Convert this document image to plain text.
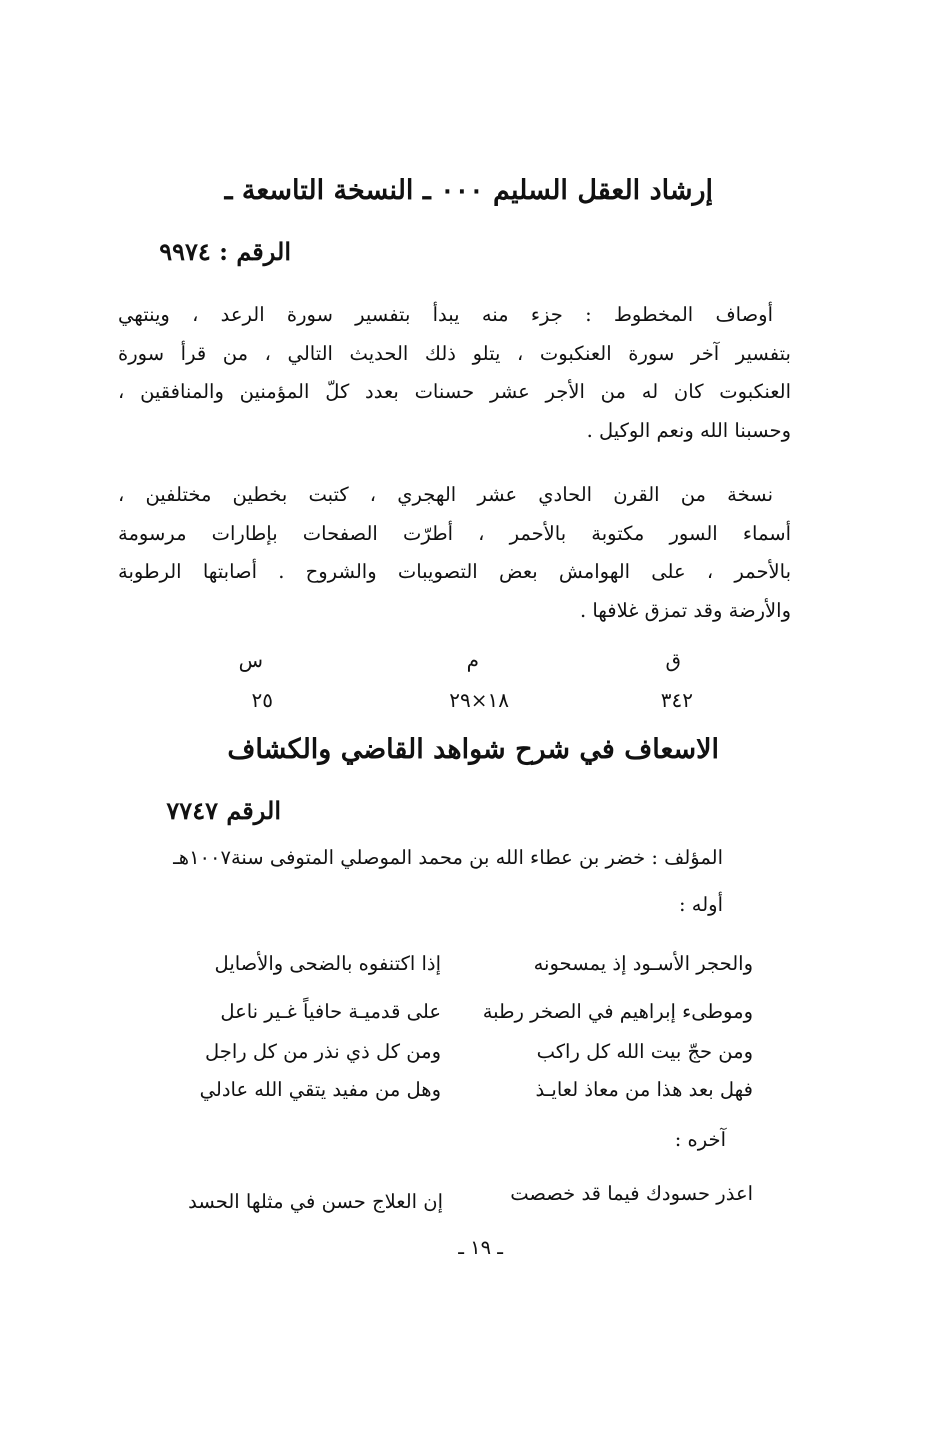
إرشاد العقل السليم ٠٠٠ ـ النسخة التاسعة ـ
الرقم : ٩٩٧٤
أوصاف المخطوط : جزء منه يبدأ بتفسير سورة الرعد ، وينتهي
بتفسير آخر سورة العنكبوت ، يتلو ذلك الحديث التالي ، من قرأ سورة
العنكبوت كان له من الأجر عشر حسنات بعدد كلّ المؤمنين والمنافقين ،
وحسبنا الله ونعم الوكيل .
نسخة من القرن الحادي عشر الهجري ، كتبت بخطين مختلفين ،
أسماء السور مكتوبة بالأحمر ، أطرّت الصفحات بإطارات مرسومة
بالأحمر ، على الهوامش بعض التصويبات والشروح . أصابتها الرطوبة
والأرضة وقد تمزق غلافها .
ق
م
س
٣٤٢
١٨×٢٩
٢٥
الاسعاف في شرح شواهد القاضي والكشاف
الرقم ٧٧٤٧
المؤلف : خضر بن عطاء الله بن محمد الموصلي المتوفى سنة١٠٠٧هـ
أوله :
والحجر الأسـود إذ يمسحونه
إذا اكتنفوه بالضحى والأصايل
وموطىء إبراهيم في الصخر رطبة
على قدميـة حافياً غـير ناعل
ومن حجّ بيت الله كل راكب
ومن كل ذي نذر من كل راجل
فهل بعد هذا من معاذ لعايـذ
وهل من مفيد يتقي الله عادلي
آخره :
اعذر حسودك فيما قد خصصت
إن العلاج حسن في مثلها الحسد
ـ ١٩ ـ
